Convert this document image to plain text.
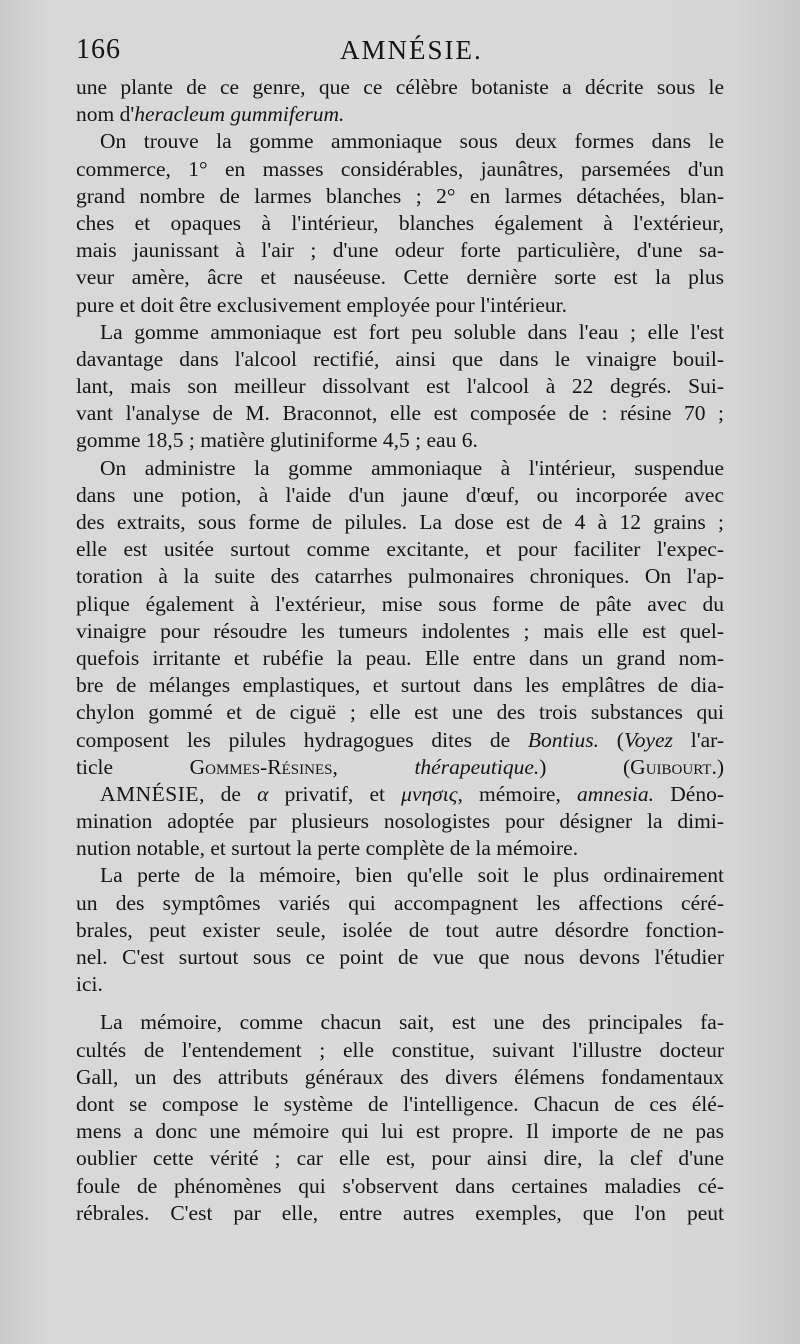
166	AMNÉSIE.
une plante de ce genre, que ce célèbre botaniste a décrite sous le
nom d'heracleum gummiferum.
On trouve la gomme ammoniaque sous deux formes dans le
commerce, 1° en masses considérables, jaunâtres, parsemées d'un
grand nombre de larmes blanches ; 2° en larmes détachées, blan-
ches et opaques à l'intérieur, blanches également à l'extérieur,
mais jaunissant à l'air ; d'une odeur forte particulière, d'une sa-
veur amère, âcre et nauséeuse. Cette dernière sorte est la plus
pure et doit être exclusivement employée pour l'intérieur.
La gomme ammoniaque est fort peu soluble dans l'eau ; elle l'est
davantage dans l'alcool rectifié, ainsi que dans le vinaigre bouil-
lant, mais son meilleur dissolvant est l'alcool à 22 degrés. Sui-
vant l'analyse de M. Braconnot, elle est composée de : résine 70 ;
gomme 18,5 ; matière glutiniforme 4,5 ; eau 6.
On administre la gomme ammoniaque à l'intérieur, suspendue
dans une potion, à l'aide d'un jaune d'œuf, ou incorporée avec
des extraits, sous forme de pilules. La dose est de 4 à 12 grains ;
elle est usitée surtout comme excitante, et pour faciliter l'expec-
toration à la suite des catarrhes pulmonaires chroniques. On l'ap-
plique également à l'extérieur, mise sous forme de pâte avec du
vinaigre pour résoudre les tumeurs indolentes ; mais elle est quel-
quefois irritante et rubéfie la peau. Elle entre dans un grand nom-
bre de mélanges emplastiques, et surtout dans les emplâtres de dia-
chylon gommé et de ciguë ; elle est une des trois substances qui
composent les pilules hydragogues dites de Bontius. (Voyez l'ar-
ticle Gommes-Résines, thérapeutique.)	(Guibourt.)
AMNÉSIE, de α privatif, et μνησις, mémoire, amnesia. Déno-
mination adoptée par plusieurs nosologistes pour désigner la dimi-
nution notable, et surtout la perte complète de la mémoire.
La perte de la mémoire, bien qu'elle soit le plus ordinairement
un des symptômes variés qui accompagnent les affections céré-
brales, peut exister seule, isolée de tout autre désordre fonction-
nel. C'est surtout sous ce point de vue que nous devons l'étudier
ici.
La mémoire, comme chacun sait, est une des principales fa-
cultés de l'entendement ; elle constitue, suivant l'illustre docteur
Gall, un des attributs généraux des divers élémens fondamentaux
dont se compose le système de l'intelligence. Chacun de ces élé-
mens a donc une mémoire qui lui est propre. Il importe de ne pas
oublier cette vérité ; car elle est, pour ainsi dire, la clef d'une
foule de phénomènes qui s'observent dans certaines maladies cé-
rébrales. C'est par elle, entre autres exemples, que l'on peut
